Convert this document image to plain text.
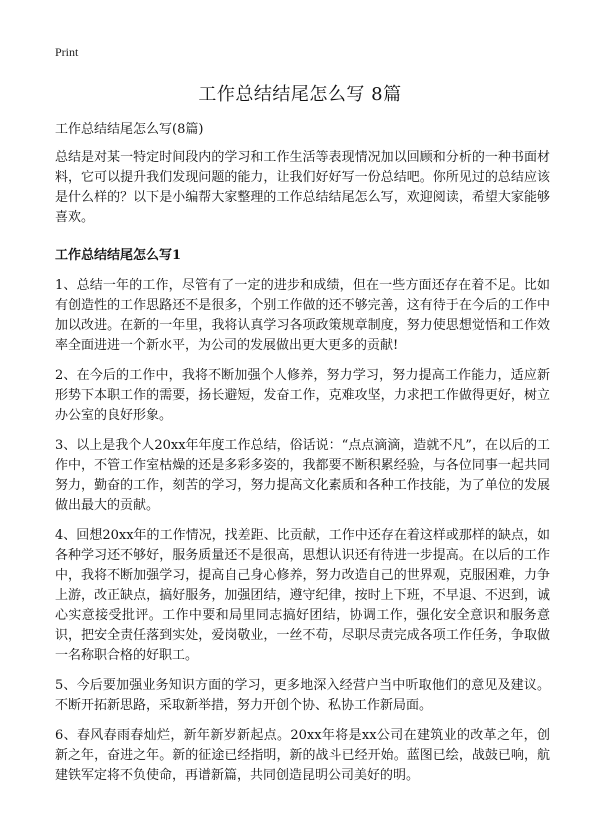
Print
工作总结结尾怎么写 8篇

工作总结结尾怎么写(8篇)

总结是对某一特定时间段内的学习和工作生活等表现情况加以回顾和分析的一种书面材料，它可以提升我们发现问题的能力，让我们好好写一份总结吧。你所见过的总结应该是什么样的？以下是小编帮大家整理的工作总结结尾怎么写，欢迎阅读，希望大家能够喜欢。

工作总结结尾怎么写1

1、总结一年的工作，尽管有了一定的进步和成绩，但在一些方面还存在着不足。比如有创造性的工作思路还不是很多，个别工作做的还不够完善，这有待于在今后的工作中加以改进。在新的一年里，我将认真学习各项政策规章制度，努力使思想觉悟和工作效率全面进进一个新水平，为公司的发展做出更大更多的贡献!

2、在今后的工作中，我将不断加强个人修养，努力学习，努力提高工作能力，适应新形势下本职工作的需要，扬长避短，发奋工作，克难攻坚，力求把工作做得更好，树立办公室的良好形象。

3、以上是我个人20xx年年度工作总结，俗话说：“点点滴滴，造就不凡”，在以后的工作中，不管工作室枯燥的还是多彩多姿的，我都要不断积累经验，与各位同事一起共同努力，勤奋的工作，刻苦的学习，努力提高文化素质和各种工作技能，为了单位的发展做出最大的贡献。

4、回想20xx年的工作情况，找差距、比贡献，工作中还存在着这样或那样的缺点，如各种学习还不够好，服务质量还不是很高，思想认识还有待进一步提高。在以后的工作中，我将不断加强学习，提高自己身心修养，努力改造自己的世界观，克服困难，力争上游，改正缺点，搞好服务，加强团结，遵守纪律，按时上下班，不早退、不迟到，诚心实意接受批评。工作中要和局里同志搞好团结，协调工作，强化安全意识和服务意识，把安全责任落到实处，爱岗敬业，一丝不苟，尽职尽责完成各项工作任务，争取做一名称职合格的好职工。

5、今后要加强业务知识方面的学习，更多地深入经营户当中听取他们的意见及建议。不断开拓新思路，采取新举措，努力开创个协、私协工作新局面。

6、春风春雨春灿烂，新年新岁新起点。20xx年将是xx公司在建筑业的改革之年，创新之年，奋进之年。新的征途已经指明，新的战斗已经开始。蓝图已绘，战鼓已响，航建铁军定将不负使命，再谱新篇，共同创造昆明公司美好的明。
